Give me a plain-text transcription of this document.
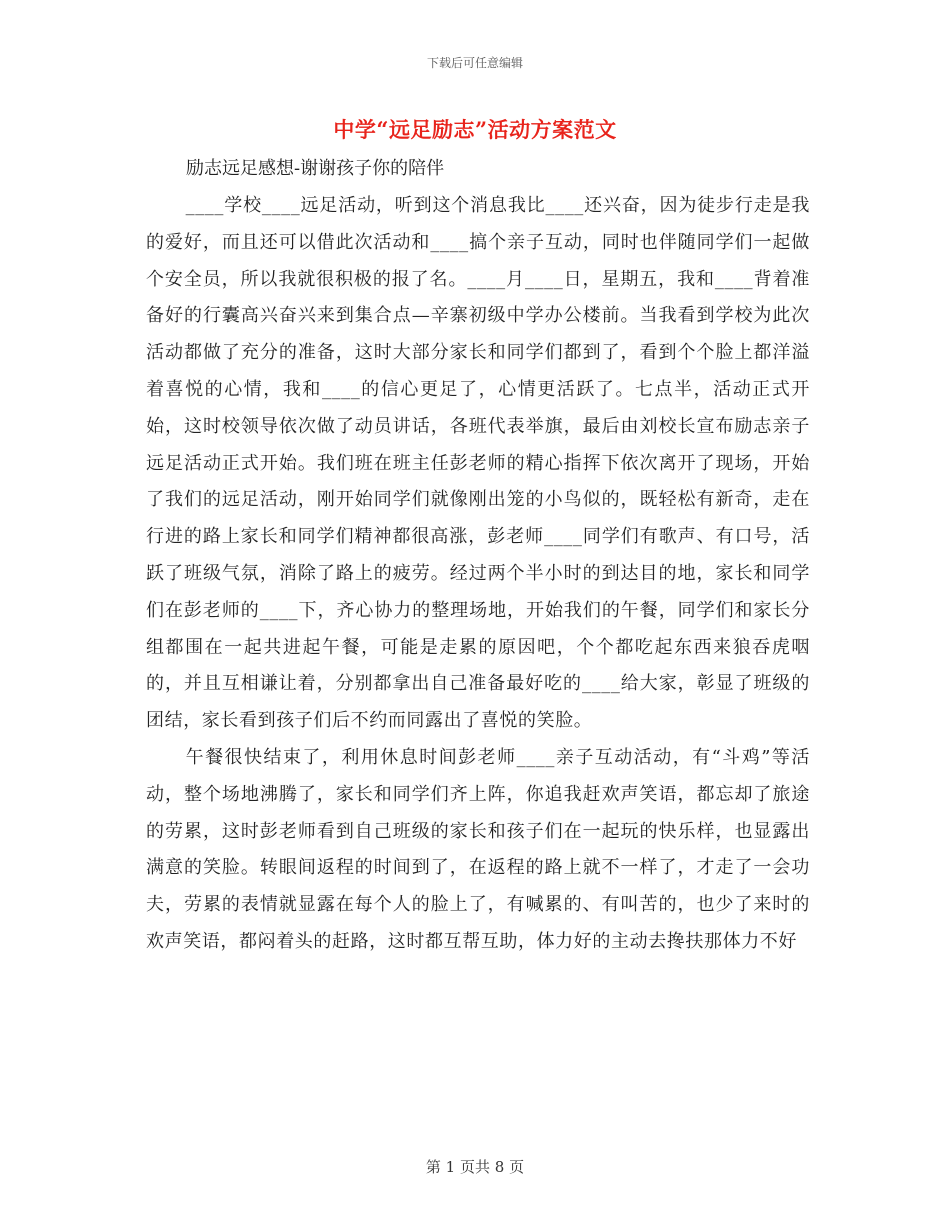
下载后可任意编辑
中学“远足励志”活动方案范文

励志远足感想-谢谢孩子你的陪伴

____学校____远足活动，听到这个消息我比____还兴奋，因为徒步行走是我的爱好，而且还可以借此次活动和____搞个亲子互动，同时也伴随同学们一起做个安全员，所以我就很积极的报了名。____月____日，星期五，我和____背着准备好的行囊高兴奋兴来到集合点—辛寨初级中学办公楼前。当我看到学校为此次活动都做了充分的准备，这时大部分家长和同学们都到了，看到个个脸上都洋溢着喜悦的心情，我和____的信心更足了，心情更活跃了。七点半，活动正式开始，这时校领导依次做了动员讲话，各班代表举旗，最后由刘校长宣布励志亲子远足活动正式开始。我们班在班主任彭老师的精心指挥下依次离开了现场，开始了我们的远足活动，刚开始同学们就像刚出笼的小鸟似的，既轻松有新奇，走在行进的路上家长和同学们精神都很高涨，彭老师____同学们有歌声、有口号，活跃了班级气氛，消除了路上的疲劳。经过两个半小时的到达目的地，家长和同学们在彭老师的____下，齐心协力的整理场地，开始我们的午餐，同学们和家长分组都围在一起共进起午餐，可能是走累的原因吧，个个都吃起东西来狼吞虎咽的，并且互相谦让着，分别都拿出自己准备最好吃的____给大家，彰显了班级的团结，家长看到孩子们后不约而同露出了喜悦的笑脸。

午餐很快结束了，利用休息时间彭老师____亲子互动活动，有“斗鸡”等活动，整个场地沸腾了，家长和同学们齐上阵，你追我赶欢声笑语，都忘却了旅途的劳累，这时彭老师看到自己班级的家长和孩子们在一起玩的快乐样，也显露出满意的笑脸。转眼间返程的时间到了，在返程的路上就不一样了，才走了一会功夫，劳累的表情就显露在每个人的脸上了，有喊累的、有叫苦的，也少了来时的欢声笑语，都闷着头的赶路，这时都互帮互助，体力好的主动去搀扶那体力不好

第 1 页共 8 页
